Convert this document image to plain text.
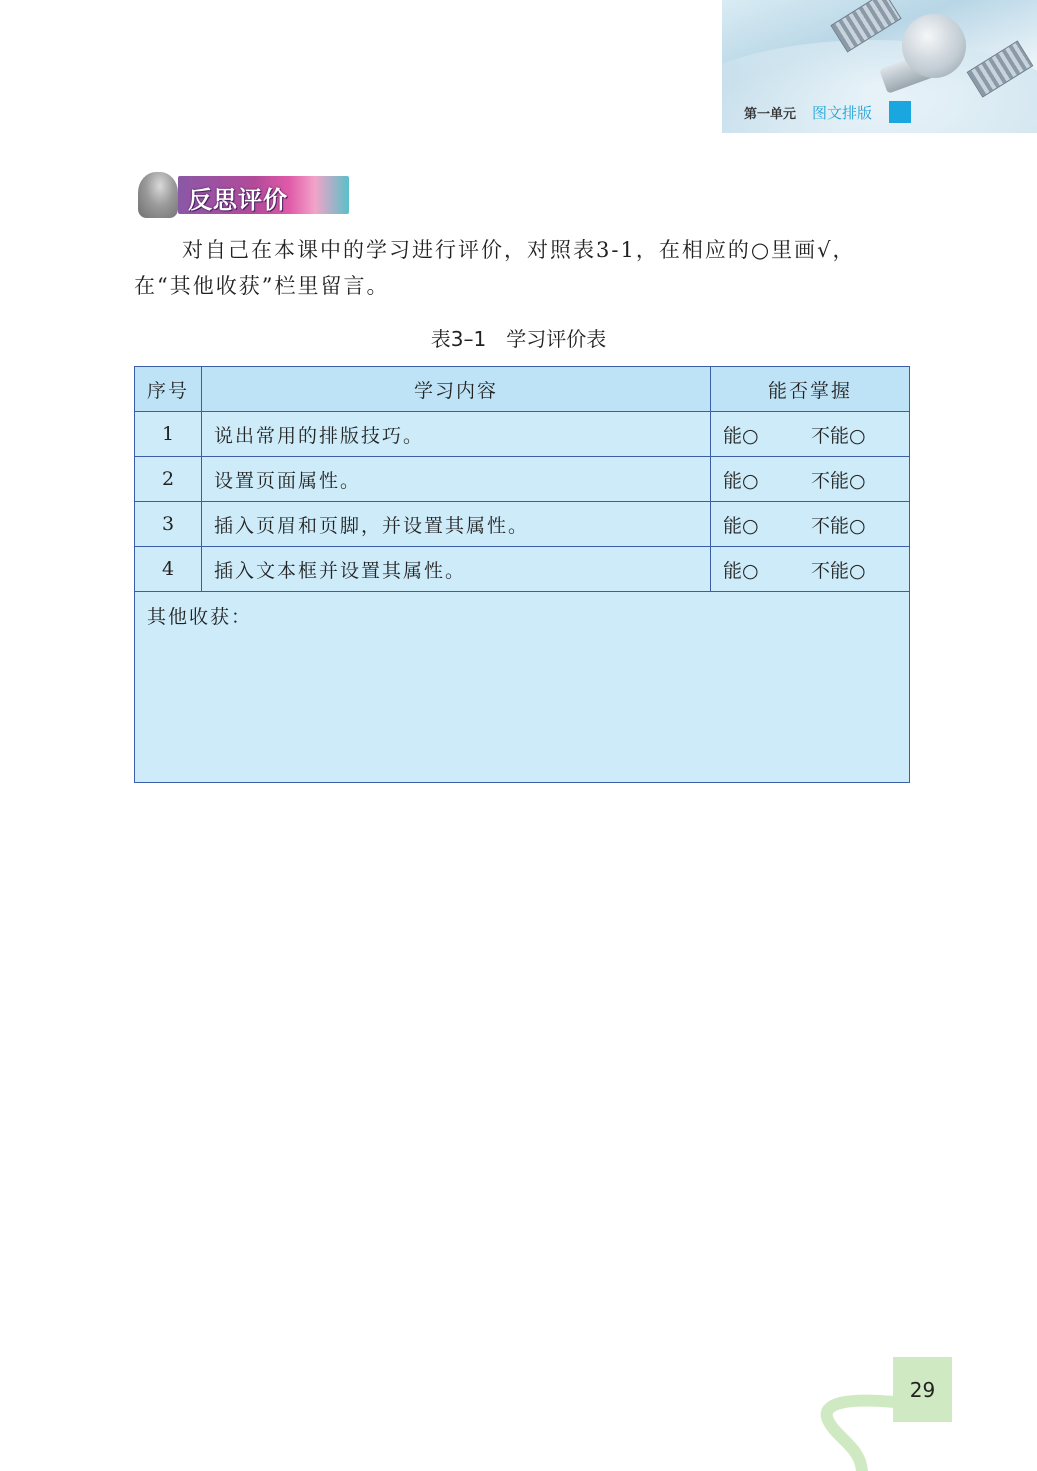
第一单元 图文排版
反思评价

对自己在本课中的学习进行评价，对照表3-1，在相应的○里画√，

在“其他收获”栏里留言。

表3–1　学习评价表
序号	学习内容	能否掌握
1	说出常用的排版技巧。	能○ 不能○
2	设置页面属性。	能○ 不能○
3	插入页眉和页脚，并设置其属性。	能○ 不能○
4	插入文本框并设置其属性。	能○ 不能○
其他收获：		
29
